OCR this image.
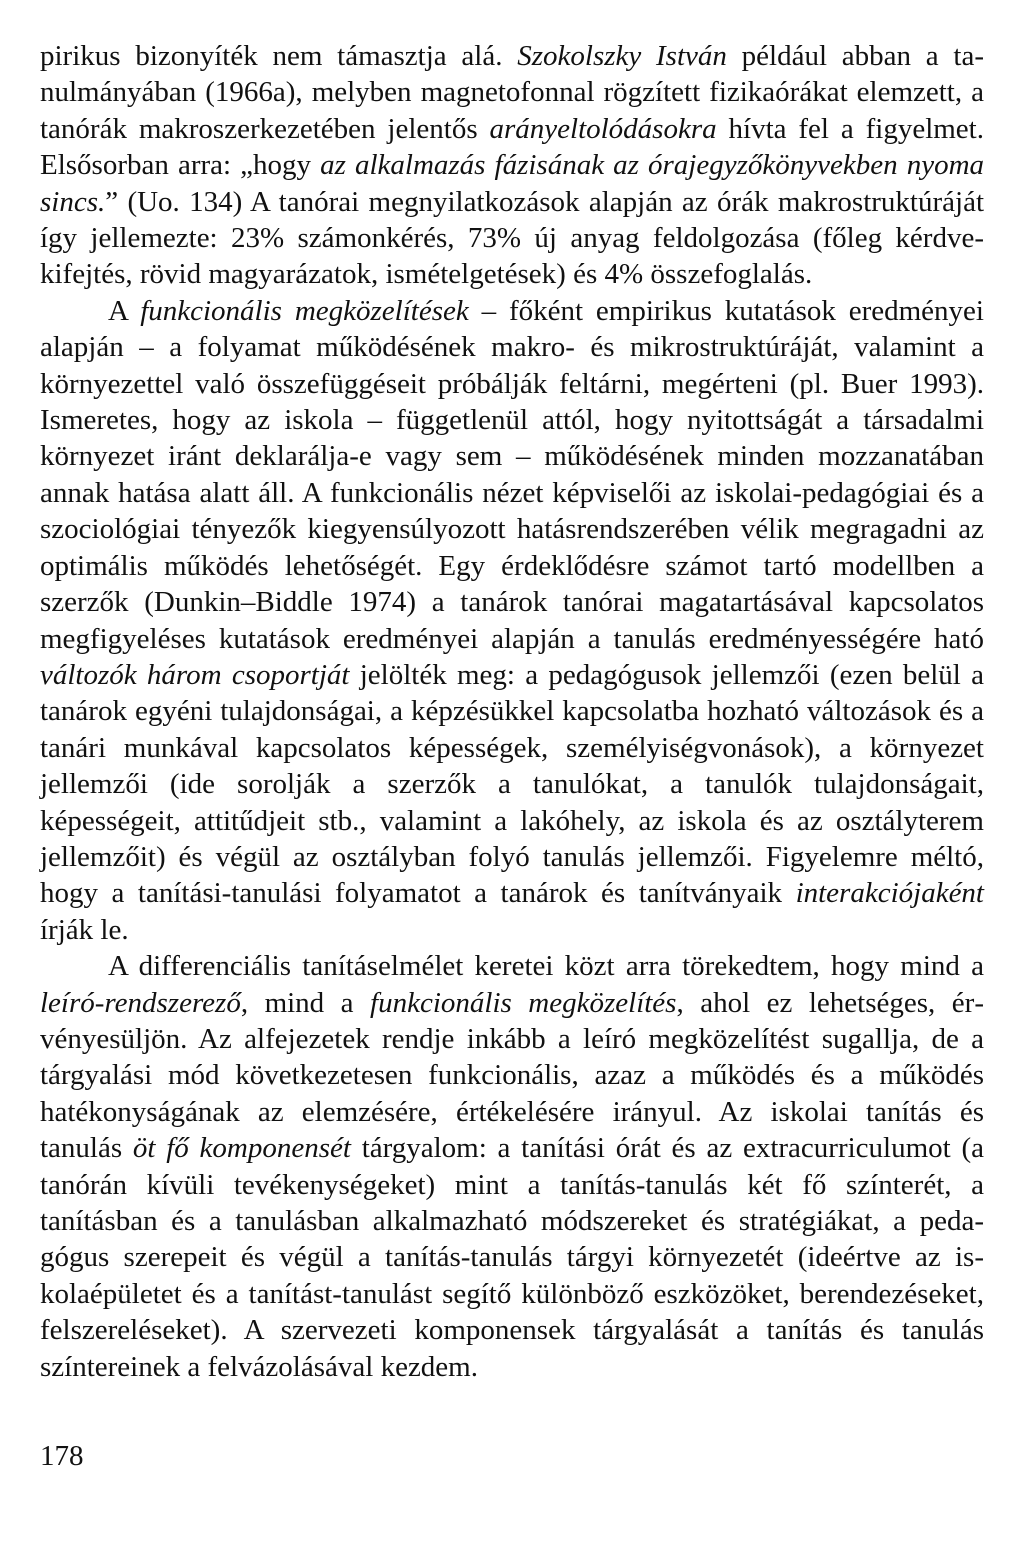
pirikus bizonyíték nem támasztja alá. Szokolszky István például abban a tanulmányában (1966a), melyben magnetofonnal rögzített fizikaórákat elemzett, a tanórák makroszerkezetében jelentős arányeltolódásokra hívta fel a figyelmet. Elsősorban arra: „hogy az alkalmazás fázisának az órajegyzőkönyvekben nyoma sincs.” (Uo. 134) A tanórai megnyilatkozások alapján az órák makrostruktúráját így jellemezte: 23% számonkérés, 73% új anyag feldolgozása (főleg kérdve-kifejtés, rövid magyarázatok, ismételgetések) és 4% összefoglalás.

A funkcionális megközelítések – főként empirikus kutatások eredményei alapján – a folyamat működésének makro- és mikrostruktúráját, valamint a környezettel való összefüggéseit próbálják feltárni, megérteni (pl. Buer 1993). Ismeretes, hogy az iskola – függetlenül attól, hogy nyitottságát a társadalmi környezet iránt deklarálja-e vagy sem – működésének minden mozzanatában annak hatása alatt áll. A funkcionális nézet képviselői az iskolai-pedagógiai és a szociológiai tényezők kiegyensúlyozott hatásrendszerében vélik megragadni az optimális működés lehetőségét. Egy érdeklődésre számot tartó modellben a szerzők (Dunkin–Biddle 1974) a tanárok tanórai magatartásával kapcsolatos megfigyeléses kutatások eredményei alapján a tanulás eredményességére ható változók három csoportját jelölték meg: a pedagógusok jellemzői (ezen belül a tanárok egyéni tulajdonságai, a képzésükkel kapcsolatba hozható változások és a tanári munkával kapcsolatos képességek, személyiségvonások), a környezet jellemzői (ide sorolják a szerzők a tanulókat, a tanulók tulajdonságait, képességeit, attitűdjeit stb., valamint a lakóhely, az iskola és az osztályterem jellemzőit) és végül az osztályban folyó tanulás jellemzői. Figyelemre méltó, hogy a tanítási-tanulási folyamatot a tanárok és tanítványaik interakciójaként írják le.

A differenciális tanításelmélet keretei közt arra törekedtem, hogy mind a leíró-rendszerező, mind a funkcionális megközelítés, ahol ez lehetséges, érvényesüljön. Az alfejezetek rendje inkább a leíró megközelítést sugallja, de a tárgyalási mód következetesen funkcionális, azaz a működés és a működés hatékonyságának az elemzésére, értékelésére irányul. Az iskolai tanítás és tanulás öt fő komponensét tárgyalom: a tanítási órát és az extracurriculumot (a tanórán kívüli tevékenységeket) mint a tanítás-tanulás két fő színterét, a tanításban és a tanulásban alkalmazható módszereket és stratégiákat, a pedagógus szerepeit és végül a tanítás-tanulás tárgyi környezetét (ideértve az iskolaépületet és a tanítást-tanulást segítő különböző eszközöket, berendezéseket, felszereléseket). A szervezeti komponensek tárgyalását a tanítás és tanulás színtereinek a felvázolásával kezdem.

178
